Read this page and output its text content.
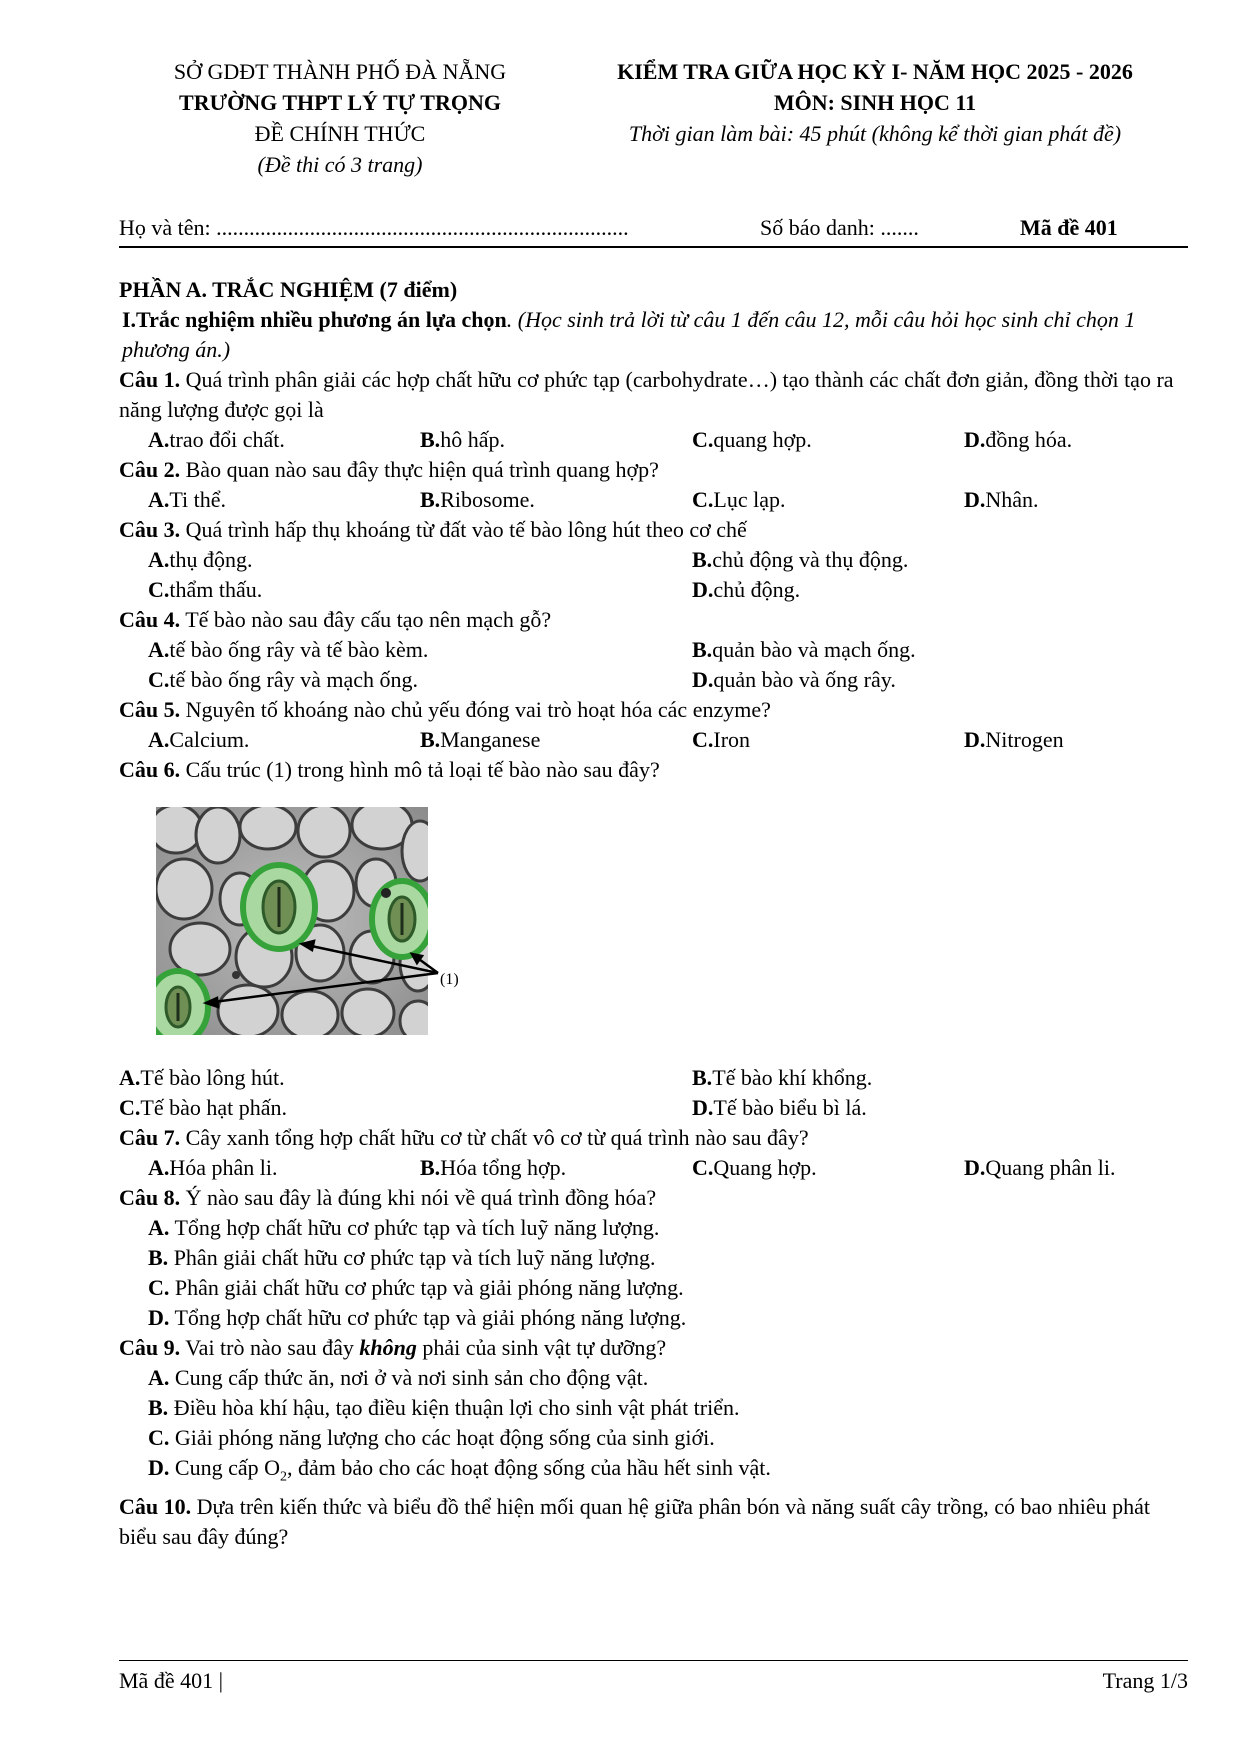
SỞ GDĐT THÀNH PHỐ ĐÀ NẴNG
TRƯỜNG THPT LÝ TỰ TRỌNG
ĐỀ CHÍNH THỨC
(Đề thi có 3 trang)
KIỂM TRA GIỮA HỌC KỲ I- NĂM HỌC 2025 - 2026
MÔN: SINH HỌC 11
Thời gian làm bài: 45 phút (không kể thời gian phát đề)
Họ và tên: ...........................................................................	Số báo danh: .......	Mã đề 401

PHẦN A. TRẮC NGHIỆM (7 điểm)

I.Trắc nghiệm nhiều phương án lựa chọn. (Học sinh trả lời từ câu 1 đến câu 12, mỗi câu hỏi học sinh chỉ chọn 1 phương án.)

Câu 1. Quá trình phân giải các hợp chất hữu cơ phức tạp (carbohydrate…) tạo thành các chất đơn giản, đồng thời tạo ra năng lượng được gọi là

A. trao đổi chất.	B. hô hấp.	C. quang hợp.	D. đồng hóa.

Câu 2. Bào quan nào sau đây thực hiện quá trình quang hợp?

A. Ti thể.	B. Ribosome.	C. Lục lạp.	D. Nhân.

Câu 3. Quá trình hấp thụ khoáng từ đất vào tế bào lông hút theo cơ chế

A. thụ động.	B. chủ động và thụ động.
C. thẩm thấu.	D. chủ động.

Câu 4. Tế bào nào sau đây cấu tạo nên mạch gỗ?

A. tế bào ống rây và tế bào kèm.	B. quản bào và mạch ống.
C. tế bào ống rây và mạch ống.	D. quản bào và ống rây.

Câu 5. Nguyên tố khoáng nào chủ yếu đóng vai trò hoạt hóa các enzyme?

A. Calcium.	B. Manganese	C. Iron	D. Nitrogen

Câu 6. Cấu trúc (1) trong hình mô tả loại tế bào nào sau đây?

(1)
A. Tế bào lông hút.	B. Tế bào khí khổng.
C. Tế bào hạt phấn.	D. Tế bào biểu bì lá.

Câu 7. Cây xanh tổng hợp chất hữu cơ từ chất vô cơ từ quá trình nào sau đây?

A. Hóa phân li.	B. Hóa tổng hợp.	C. Quang hợp.	D. Quang phân li.

Câu 8. Ý nào sau đây là đúng khi nói về quá trình đồng hóa?

A. Tổng hợp chất hữu cơ phức tạp và tích luỹ năng lượng.

B. Phân giải chất hữu cơ phức tạp và tích luỹ năng lượng.

C. Phân giải chất hữu cơ phức tạp và giải phóng năng lượng.

D. Tổng hợp chất hữu cơ phức tạp và giải phóng năng lượng.

Câu 9. Vai trò nào sau đây không phải của sinh vật tự dưỡng?

A. Cung cấp thức ăn, nơi ở và nơi sinh sản cho động vật.

B. Điều hòa khí hậu, tạo điều kiện thuận lợi cho sinh vật phát triển.

C. Giải phóng năng lượng cho các hoạt động sống của sinh giới.

D. Cung cấp $O_2$, đảm bảo cho các hoạt động sống của hầu hết sinh vật.

Câu 10. Dựa trên kiến thức và biểu đồ thể hiện mối quan hệ giữa phân bón và năng suất cây trồng, có bao nhiêu phát biểu sau đây đúng?

Mã đề 401 |	Trang 1/3
